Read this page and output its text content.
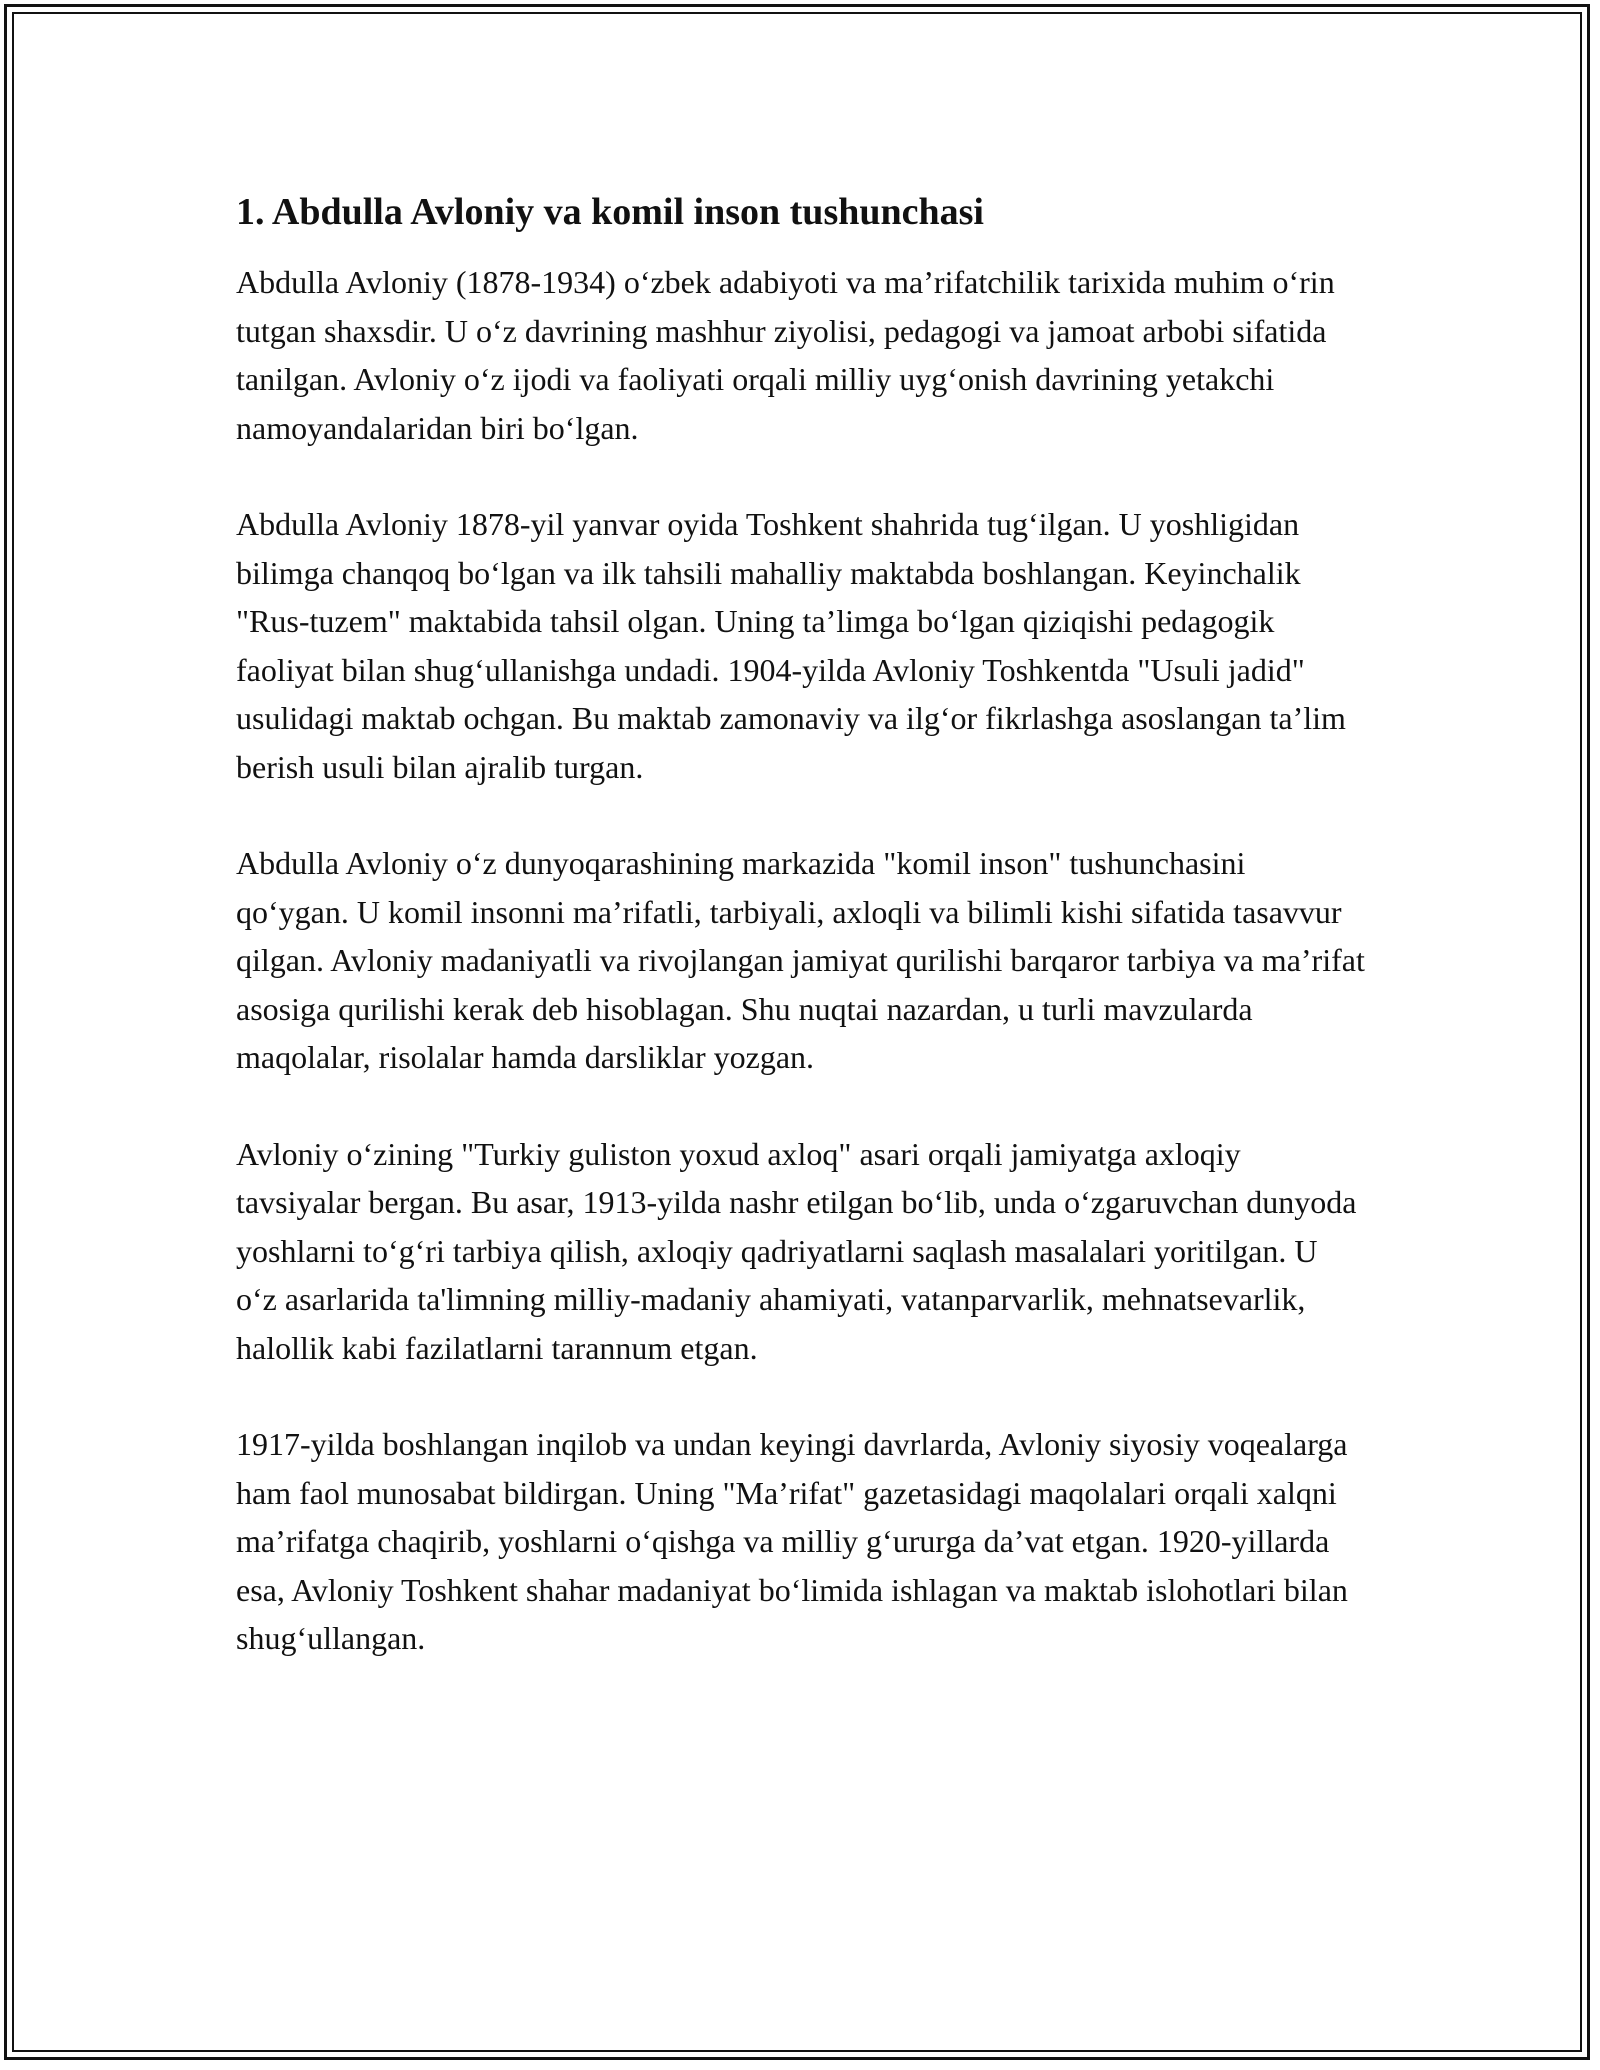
1. Abdulla Avloniy va komil inson tushunchasi

Abdulla Avloniy (1878-1934) o‘zbek adabiyoti va ma’rifatchilik tarixida muhim o‘rin tutgan shaxsdir. U o‘z davrining mashhur ziyolisi, pedagogi va jamoat arbobi sifatida tanilgan. Avloniy o‘z ijodi va faoliyati orqali milliy uyg‘onish davrining yetakchi namoyandalaridan biri bo‘lgan.

Abdulla Avloniy 1878-yil yanvar oyida Toshkent shahrida tug‘ilgan. U yoshligidan bilimga chanqoq bo‘lgan va ilk tahsili mahalliy maktabda boshlangan. Keyinchalik "Rus-tuzem" maktabida tahsil olgan. Uning ta’limga bo‘lgan qiziqishi pedagogik faoliyat bilan shug‘ullanishga undadi. 1904-yilda Avloniy Toshkentda "Usuli jadid" usulidagi maktab ochgan. Bu maktab zamonaviy va ilg‘or fikrlashga asoslangan ta’lim berish usuli bilan ajralib turgan.

Abdulla Avloniy o‘z dunyoqarashining markazida "komil inson" tushunchasini qo‘ygan. U komil insonni ma’rifatli, tarbiyali, axloqli va bilimli kishi sifatida tasavvur qilgan. Avloniy madaniyatli va rivojlangan jamiyat qurilishi barqaror tarbiya va ma’rifat asosiga qurilishi kerak deb hisoblagan. Shu nuqtai nazardan, u turli mavzularda maqolalar, risolalar hamda darsliklar yozgan.

Avloniy o‘zining "Turkiy guliston yoxud axloq" asari orqali jamiyatga axloqiy tavsiyalar bergan. Bu asar, 1913-yilda nashr etilgan bo‘lib, unda o‘zgaruvchan dunyoda yoshlarni to‘g‘ri tarbiya qilish, axloqiy qadriyatlarni saqlash masalalari yoritilgan. U o‘z asarlarida ta'limning milliy-madaniy ahamiyati, vatanparvarlik, mehnatsevarlik, halollik kabi fazilatlarni tarannum etgan.

1917-yilda boshlangan inqilob va undan keyingi davrlarda, Avloniy siyosiy voqealarga ham faol munosabat bildirgan. Uning "Ma’rifat" gazetasidagi maqolalari orqali xalqni ma’rifatga chaqirib, yoshlarni o‘qishga va milliy g‘ururga da’vat etgan. 1920-yillarda esa, Avloniy Toshkent shahar madaniyat bo‘limida ishlagan va maktab islohotlari bilan shug‘ullangan.
